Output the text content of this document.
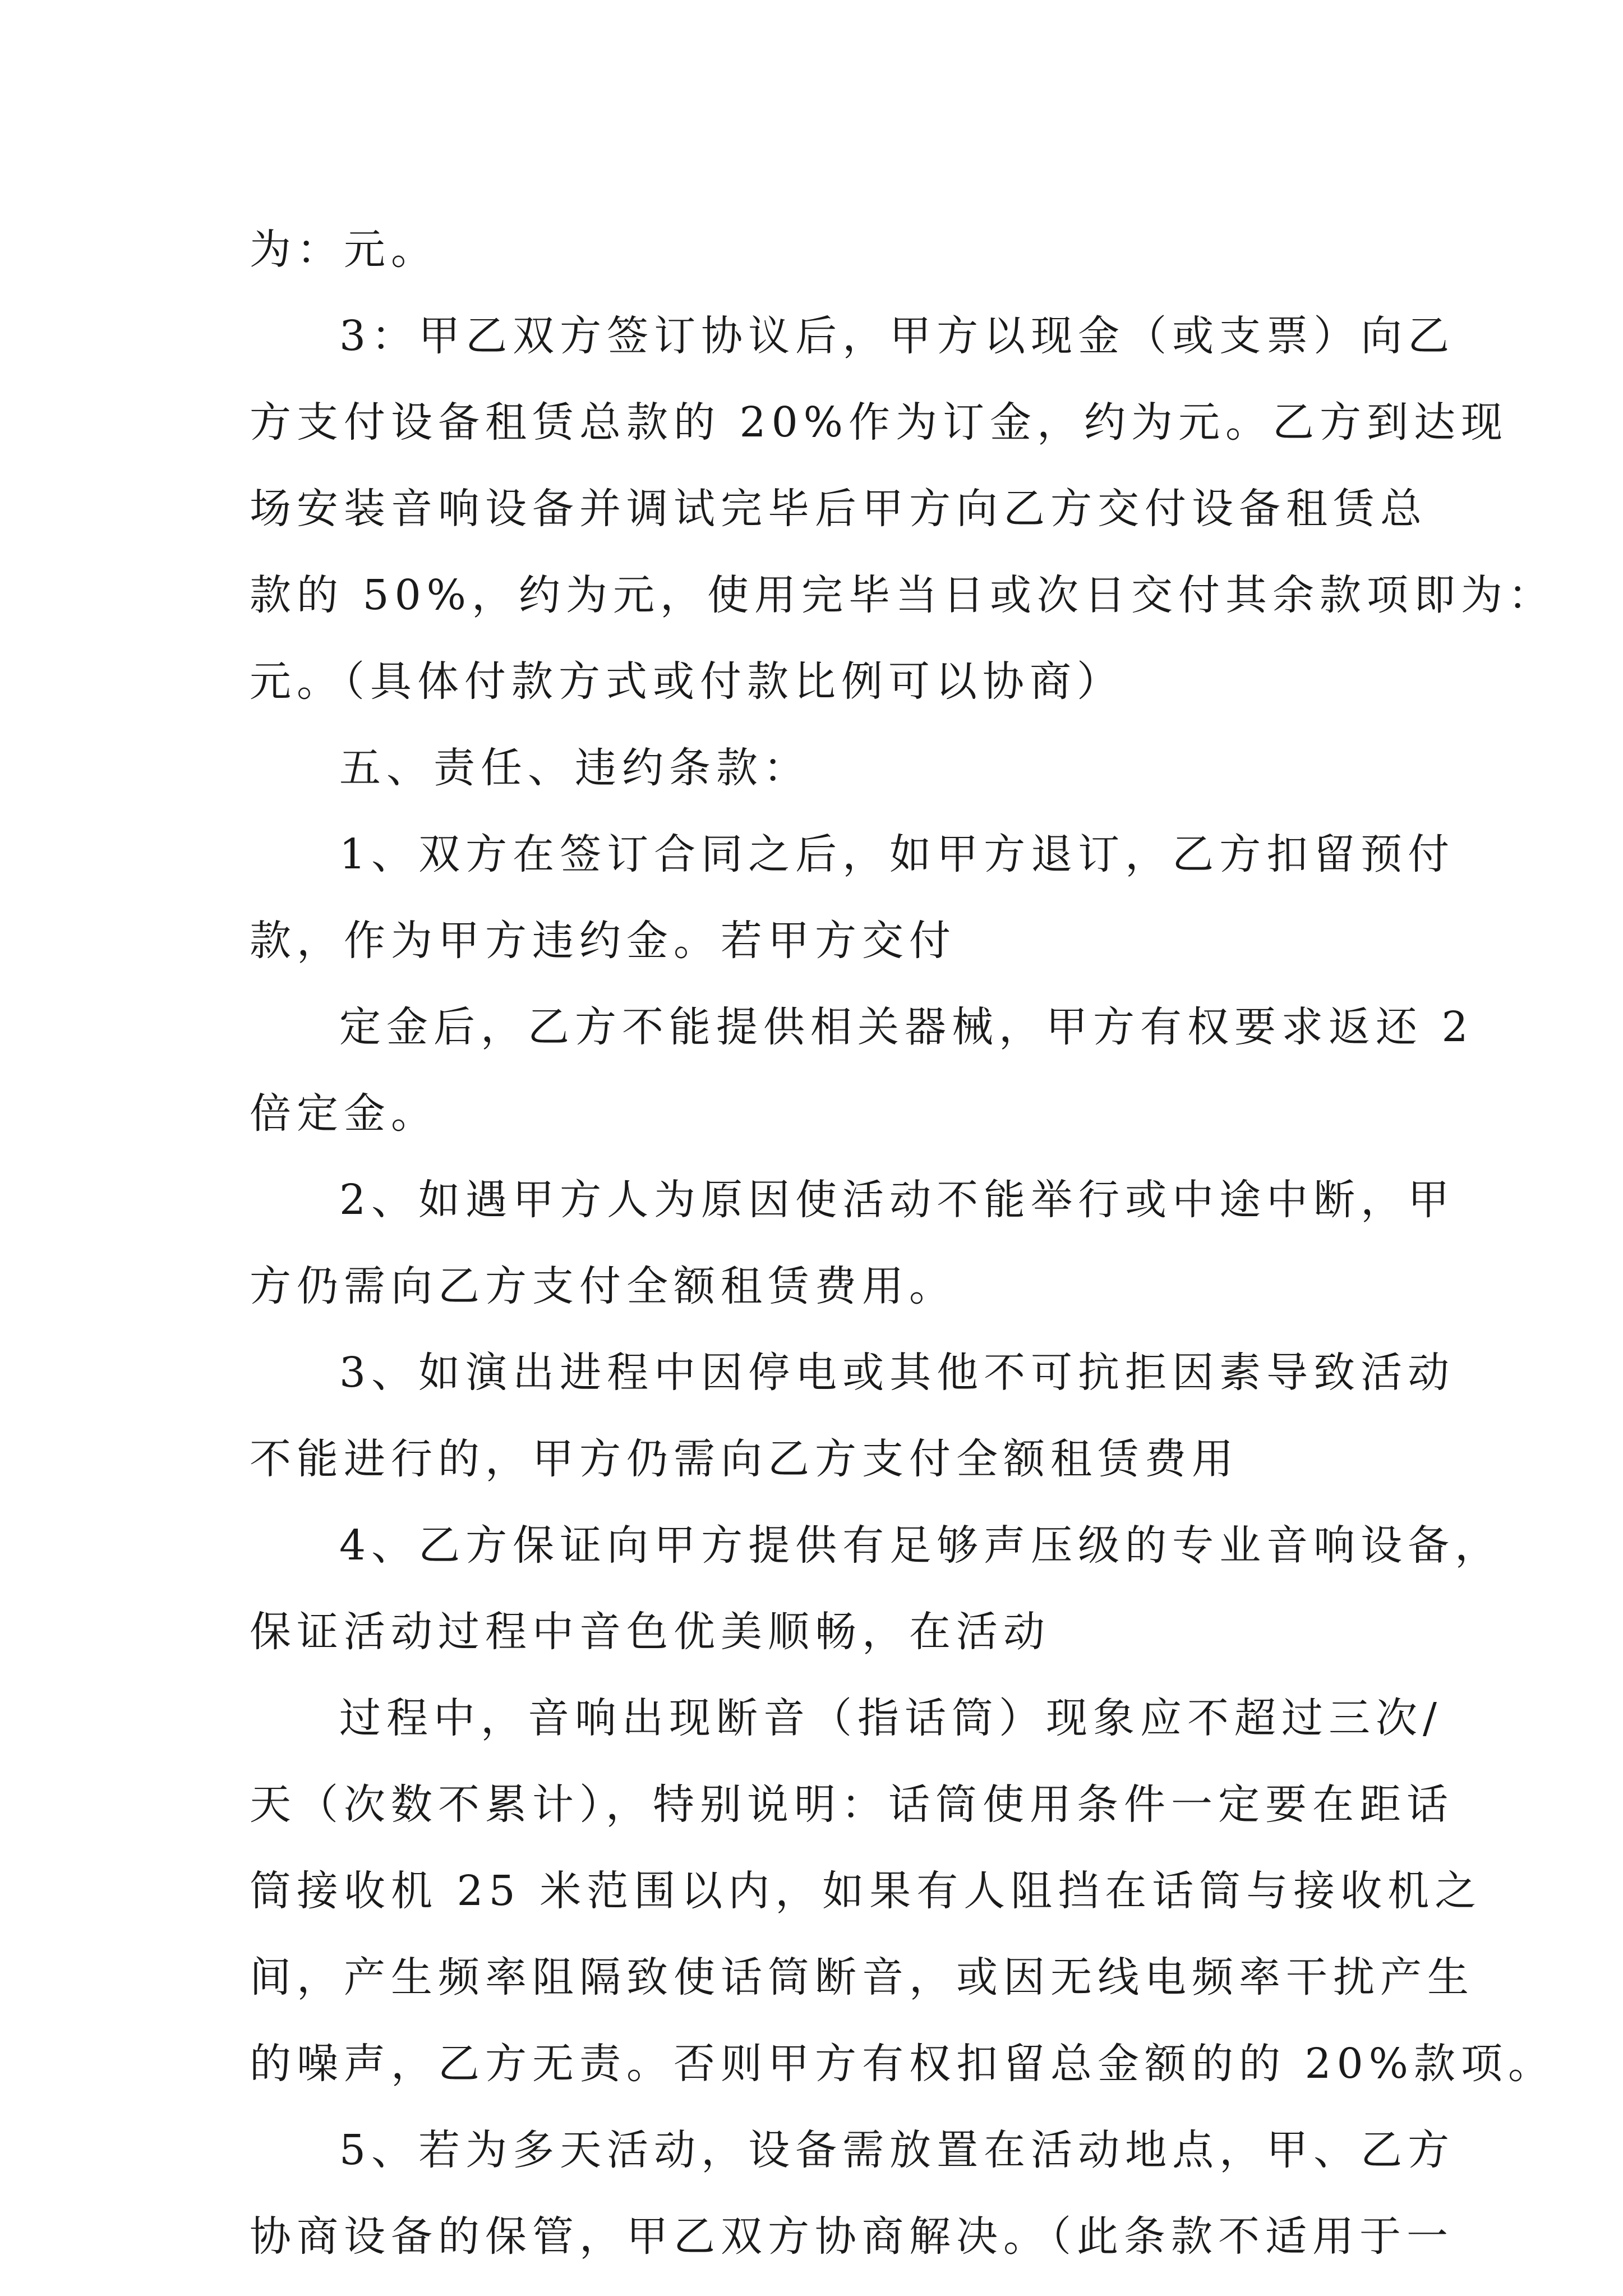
为：元。
3：甲乙双方签订协议后，甲方以现金（或支票）向乙
方支付设备租赁总款的 20%作为订金，约为元。乙方到达现
场安装音响设备并调试完毕后甲方向乙方交付设备租赁总
款的 50%，约为元，使用完毕当日或次日交付其余款项即为：
元。（具体付款方式或付款比例可以协商）
五、责任、违约条款：
1、双方在签订合同之后，如甲方退订，乙方扣留预付
款，作为甲方违约金。若甲方交付
定金后，乙方不能提供相关器械，甲方有权要求返还 2
倍定金。
2、如遇甲方人为原因使活动不能举行或中途中断，甲
方仍需向乙方支付全额租赁费用。
3、如演出进程中因停电或其他不可抗拒因素导致活动
不能进行的，甲方仍需向乙方支付全额租赁费用
4、乙方保证向甲方提供有足够声压级的专业音响设备，
保证活动过程中音色优美顺畅，在活动
过程中，音响出现断音（指话筒）现象应不超过三次/
天（次数不累计），特别说明：话筒使用条件一定要在距话
筒接收机 25 米范围以内，如果有人阻挡在话筒与接收机之
间，产生频率阻隔致使话筒断音，或因无线电频率干扰产生
的噪声，乙方无责。否则甲方有权扣留总金额的的 20%款项。
5、若为多天活动，设备需放置在活动地点，甲、乙方
协商设备的保管，甲乙双方协商解决。（此条款不适用于一
